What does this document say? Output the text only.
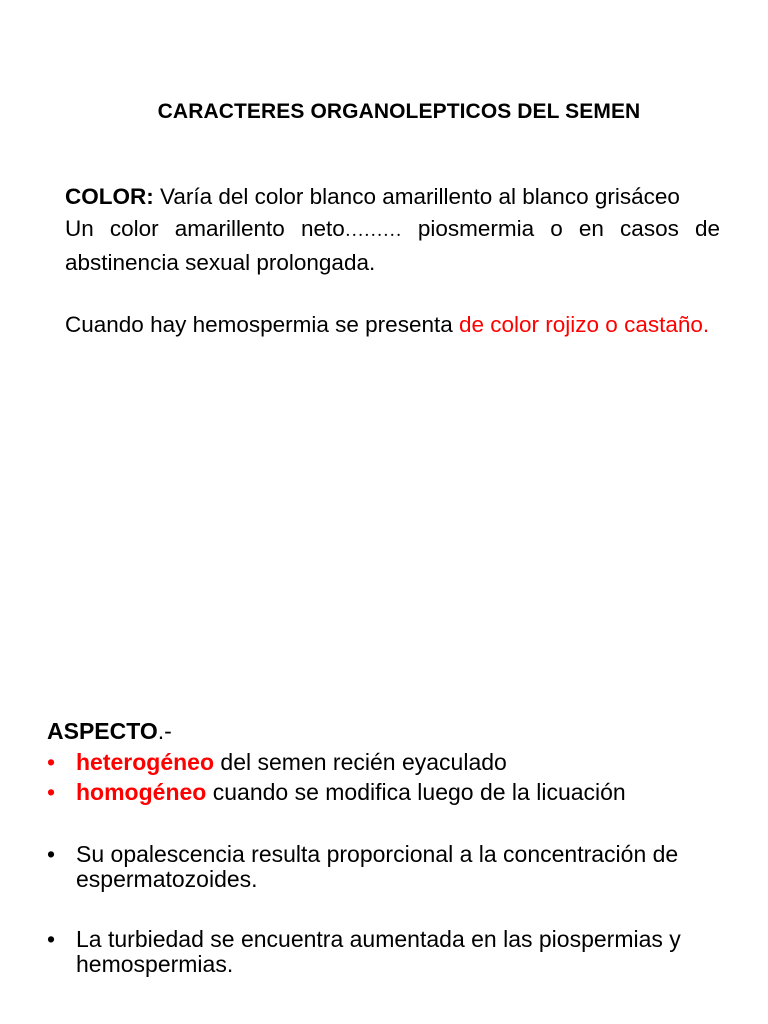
CARACTERES ORGANOLEPTICOS DEL SEMEN

COLOR: Varía del color blanco amarillento al blanco grisáceo
Un color amarillento neto……… piosmermia o en casos de abstinencia sexual prolongada.

Cuando hay hemospermia se presenta de color rojizo o castaño.

ASPECTO.-
• heterogéneo del semen recién eyaculado
• homogéneo cuando se modifica luego de la licuación
• Su opalescencia resulta proporcional a la concentración de espermatozoides.
• La turbiedad se encuentra aumentada en las piospermias y hemospermias.
